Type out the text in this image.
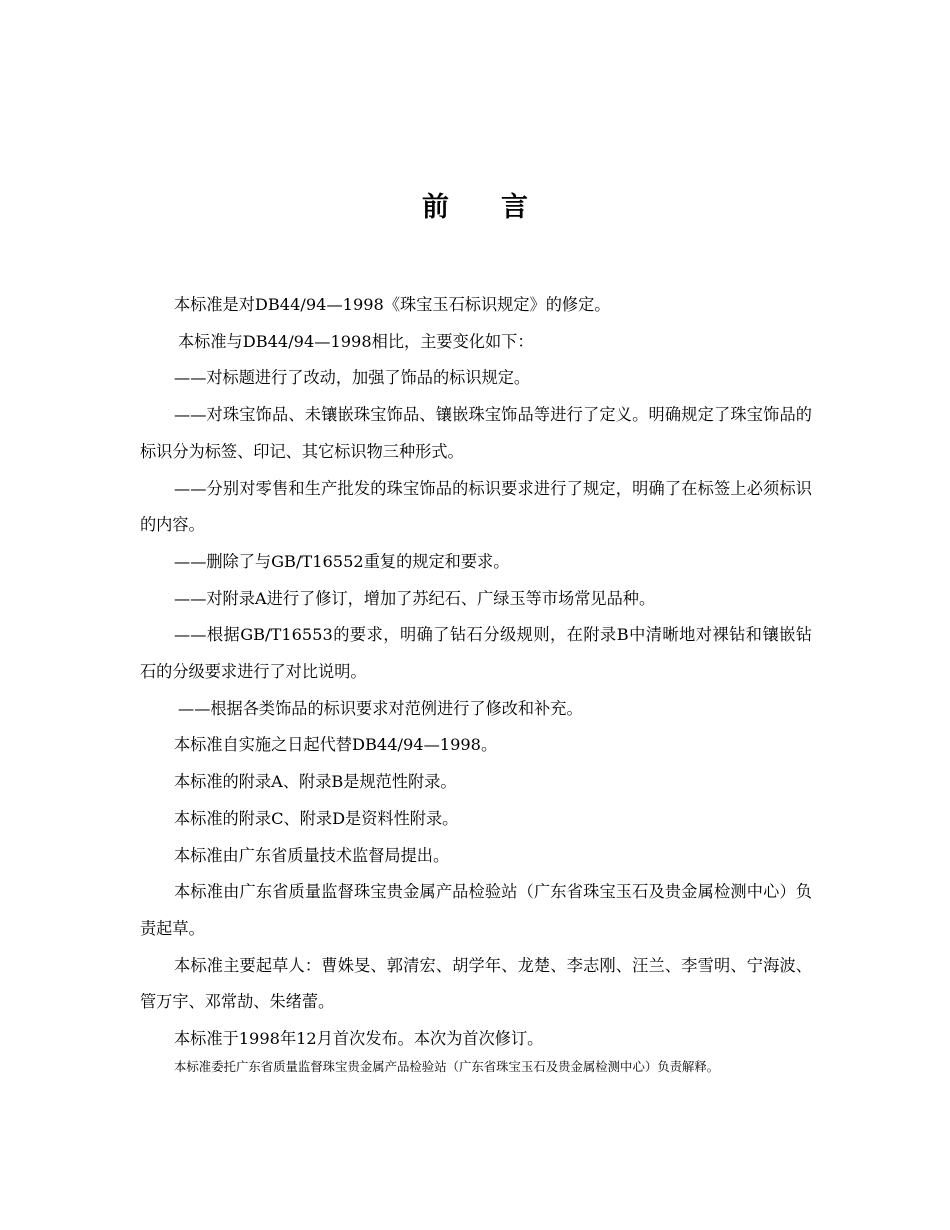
前言

本标准是对DB44/94—1998《珠宝玉石标识规定》的修定。

本标准与DB44/94—1998相比，主要变化如下：

——对标题进行了改动，加强了饰品的标识规定。

——对珠宝饰品、未镶嵌珠宝饰品、镶嵌珠宝饰品等进行了定义。明确规定了珠宝饰品的标识分为标签、印记、其它标识物三种形式。

——分别对零售和生产批发的珠宝饰品的标识要求进行了规定，明确了在标签上必须标识的内容。

——删除了与GB/T16552重复的规定和要求。

——对附录A进行了修订，增加了苏纪石、广绿玉等市场常见品种。

——根据GB/T16553的要求，明确了钻石分级规则，在附录B中清晰地对裸钻和镶嵌钻石的分级要求进行了对比说明。

——根据各类饰品的标识要求对范例进行了修改和补充。

本标准自实施之日起代替DB44/94—1998。

本标准的附录A、附录B是规范性附录。

本标准的附录C、附录D是资料性附录。

本标准由广东省质量技术监督局提出。

本标准由广东省质量监督珠宝贵金属产品检验站（广东省珠宝玉石及贵金属检测中心）负责起草。

本标准主要起草人：曹姝旻、郭清宏、胡学年、龙楚、李志刚、汪兰、李雪明、宁海波、管万宇、邓常劼、朱绪蕾。

本标准于1998年12月首次发布。本次为首次修订。

本标准委托广东省质量监督珠宝贵金属产品检验站（广东省珠宝玉石及贵金属检测中心）负责解释。
